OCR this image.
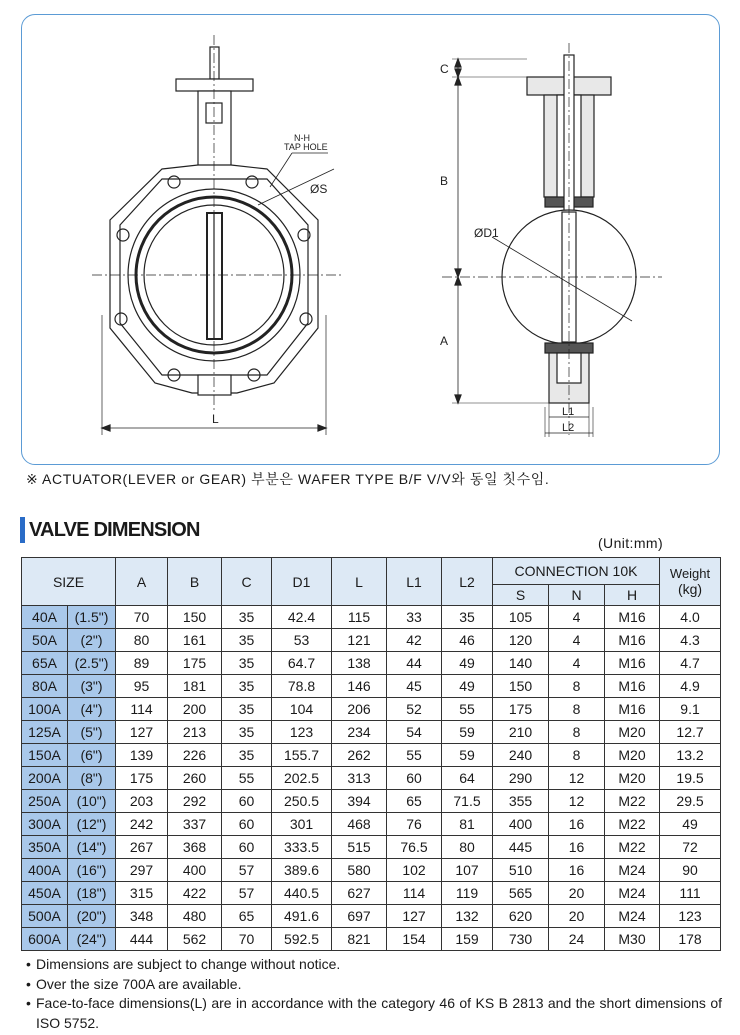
L
N-H
TAP HOLE
ØS
C
B
A
ØD1
L1
L2
※ ACTUATOR(LEVER or GEAR) 부분은 WAFER TYPE B/F V/V와 동일 칫수임.
VALVE DIMENSION
(Unit:mm)
SIZE		A	B	C	D1	L	L1	L2	CONNECTION 10K			Weight
(kg)

									S	N	H	
40A	(1.5")	70	150	35	42.4	115	33	35	105	4	M16	4.0
50A	(2")	80	161	35	53	121	42	46	120	4	M16	4.3
65A	(2.5")	89	175	35	64.7	138	44	49	140	4	M16	4.7
80A	(3")	95	181	35	78.8	146	45	49	150	8	M16	4.9
100A	(4")	114	200	35	104	206	52	55	175	8	M16	9.1
125A	(5")	127	213	35	123	234	54	59	210	8	M20	12.7
150A	(6")	139	226	35	155.7	262	55	59	240	8	M20	13.2
200A	(8")	175	260	55	202.5	313	60	64	290	12	M20	19.5
250A	(10")	203	292	60	250.5	394	65	71.5	355	12	M22	29.5
300A	(12")	242	337	60	301	468	76	81	400	16	M22	49
350A	(14")	267	368	60	333.5	515	76.5	80	445	16	M22	72
400A	(16")	297	400	57	389.6	580	102	107	510	16	M24	90
450A	(18")	315	422	57	440.5	627	114	119	565	20	M24	111
500A	(20")	348	480	65	491.6	697	127	132	620	20	M24	123
600A	(24")	444	562	70	592.5	821	154	159	730	24	M30	178
• Dimensions are subject to change without notice.
• Over the size 700A are available.
• Face-to-face dimensions(L) are in accordance with the category 46 of KS B 2813 and the short dimensions of ISO 5752.
